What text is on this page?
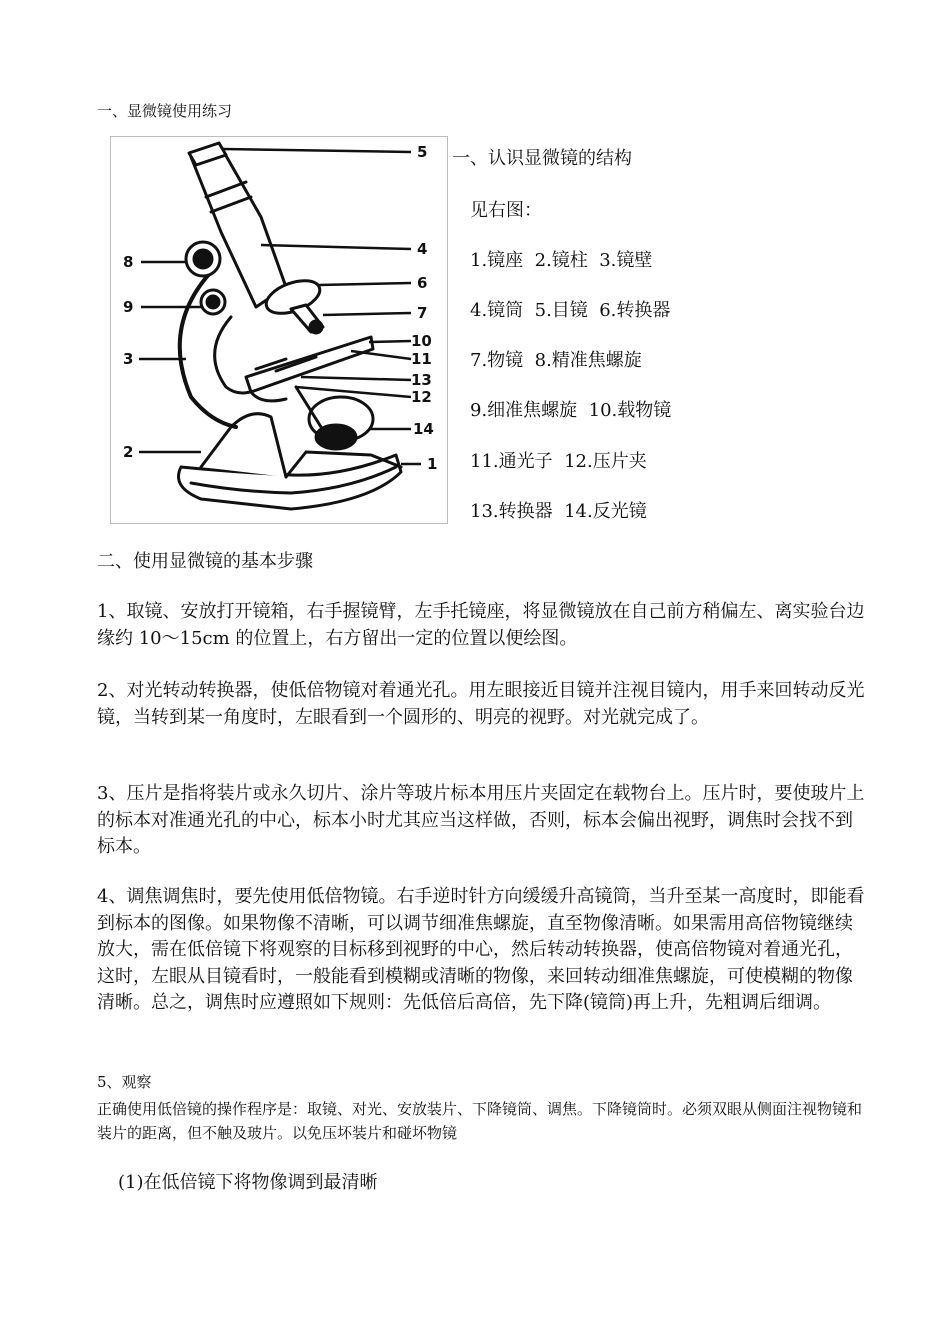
一、显微镜使用练习
5
4
6
7
10
11
13
12
14
1
8
9
3
2
一、认识显微镜的结构
见右图：
1.镜座  2.镜柱  3.镜壁
4.镜筒  5.目镜  6.转换器
7.物镜  8.精准焦螺旋
9.细准焦螺旋  10.载物镜
11.通光子  12.压片夹
13.转换器  14.反光镜
二、使用显微镜的基本步骤
1、取镜、安放打开镜箱，右手握镜臂，左手托镜座，将显微镜放在自己前方稍偏左、离实验台边缘约 10～15cm 的位置上，右方留出一定的位置以便绘图。
2、对光转动转换器，使低倍物镜对着通光孔。用左眼接近目镜并注视目镜内，用手来回转动反光镜，当转到某一角度时，左眼看到一个圆形的、明亮的视野。对光就完成了。
3、压片是指将装片或永久切片、涂片等玻片标本用压片夹固定在载物台上。压片时，要使玻片上的标本对准通光孔的中心，标本小时尤其应当这样做，否则，标本会偏出视野，调焦时会找不到标本。
4、调焦调焦时，要先使用低倍物镜。右手逆时针方向缓缓升高镜筒，当升至某一高度时，即能看到标本的图像。如果物像不清晰，可以调节细准焦螺旋，直至物像清晰。如果需用高倍物镜继续放大，需在低倍镜下将观察的目标移到视野的中心，然后转动转换器，使高倍物镜对着通光孔，这时，左眼从目镜看时，一般能看到模糊或清晰的物像，来回转动细准焦螺旋，可使模糊的物像清晰。总之，调焦时应遵照如下规则：先低倍后高倍，先下降(镜筒)再上升，先粗调后细调。
5、观察
正确使用低倍镜的操作程序是：取镜、对光、安放装片、下降镜筒、调焦。下降镜筒时。必须双眼从侧面注视物镜和装片的距离，但不触及玻片。以免压坏装片和碰坏物镜
(1)在低倍镜下将物像调到最清晰
